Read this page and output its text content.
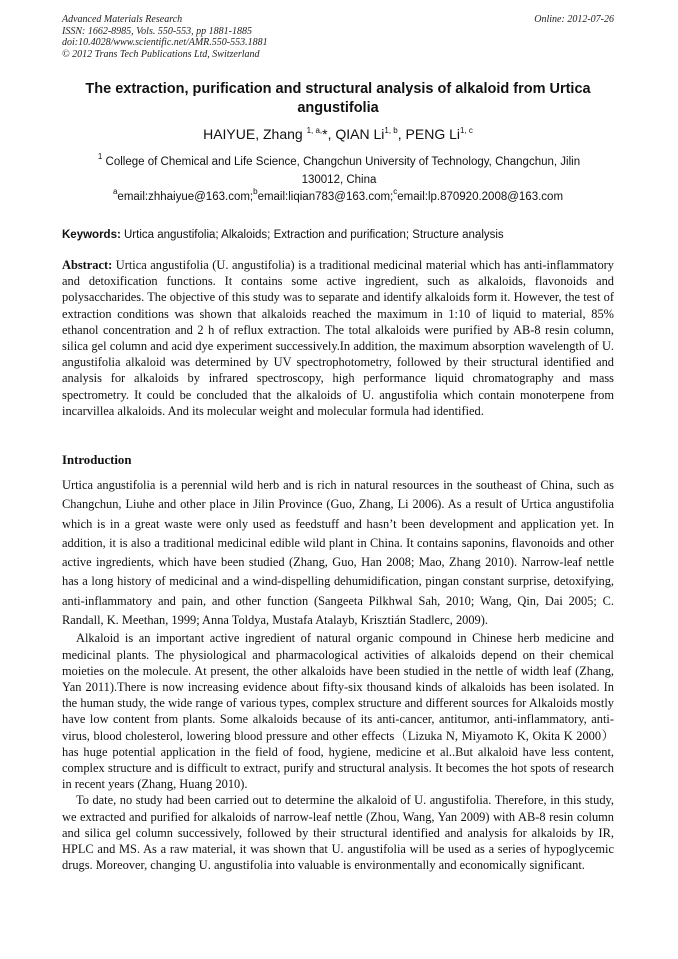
Advanced Materials Research
ISSN: 1662-8985, Vols. 550-553, pp 1881-1885
doi:10.4028/www.scientific.net/AMR.550-553.1881
© 2012 Trans Tech Publications Ltd, Switzerland
Online: 2012-07-26
The extraction, purification and structural analysis of alkaloid from Urtica angustifolia
HAIYUE, Zhang $^{1, a,}$*, QIAN Li$^{1, b}$, PENG Li$^{1, c}$
$^1$ College of Chemical and Life Science, Changchun University of Technology, Changchun, Jilin 130012, China
$^a$email:zhhaiyue@163.com;$^b$email:liqian783@163.com;$^c$email:lp.870920.2008@163.com
Keywords: Urtica angustifolia; Alkaloids; Extraction and purification; Structure analysis
Abstract: Urtica angustifolia (U. angustifolia) is a traditional medicinal material which has anti-inflammatory and detoxification functions. It contains some active ingredient, such as alkaloids, flavonoids and polysaccharides. The objective of this study was to separate and identify alkaloids form it. However, the test of extraction conditions was shown that alkaloids reached the maximum in 1:10 of liquid to material, 85% ethanol concentration and 2 h of reflux extraction. The total alkaloids were purified by AB-8 resin column, silica gel column and acid dye experiment successively.In addition, the maximum absorption wavelength of U. angustifolia alkaloid was determined by UV spectrophotometry, followed by their structural identified and analysis for alkaloids by infrared spectroscopy, high performance liquid chromatography and mass spectrometry. It could be concluded that the alkaloids of U. angustifolia which contain monoterpene from incarvillea alkaloids. And its molecular weight and molecular formula had identified.
Introduction

Urtica angustifolia is a perennial wild herb and is rich in natural resources in the southeast of China, such as Changchun, Liuhe and other place in Jilin Province (Guo, Zhang, Li 2006). As a result of Urtica angustifolia which is in a great waste were only used as feedstuff and hasn’t been development and application yet. In addition, it is also a traditional medicinal edible wild plant in China. It contains saponins, flavonoids and other active ingredients, which have been studied (Zhang, Guo, Han 2008; Mao, Zhang 2010). Narrow-leaf nettle has a long history of medicinal and a wind-dispelling dehumidification, pingan constant surprise, detoxifying, anti-inflammatory and pain, and other function (Sangeeta Pilkhwal Sah, 2010; Wang, Qin, Dai 2005; C. Randall, K. Meethan, 1999; Anna Toldya, Mustafa Atalayb, Krisztián Stadlerc, 2009).

Alkaloid is an important active ingredient of natural organic compound in Chinese herb medicine and medicinal plants. The physiological and pharmacological activities of alkaloids depend on their chemical moieties on the molecule. At present, the other alkaloids have been studied in the nettle of width leaf (Zhang, Yan 2011).There is now increasing evidence about fifty-six thousand kinds of alkaloids has been isolated. In the human study, the wide range of various types, complex structure and different sources for Alkaloids mostly have low content from plants. Some alkaloids because of its anti-cancer, antitumor, anti-inflammatory, anti-virus, blood cholesterol, lowering blood pressure and other effects（Lizuka N, Miyamoto K, Okita K 2000）has huge potential application in the field of food, hygiene, medicine et al..But alkaloid have less content, complex structure and is difficult to extract, purify and structural analysis. It becomes the hot spots of research in recent years (Zhang, Huang 2010).

To date, no study had been carried out to determine the alkaloid of U. angustifolia. Therefore, in this study, we extracted and purified for alkaloids of narrow-leaf nettle (Zhou, Wang, Yan 2009) with AB-8 resin column and silica gel column successively, followed by their structural identified and analysis for alkaloids by IR, HPLC and MS. As a raw material, it was shown that U. angustifolia will be used as a series of hypoglycemic drugs. Moreover, changing U. angustifolia into valuable is environmentally and economically significant.
